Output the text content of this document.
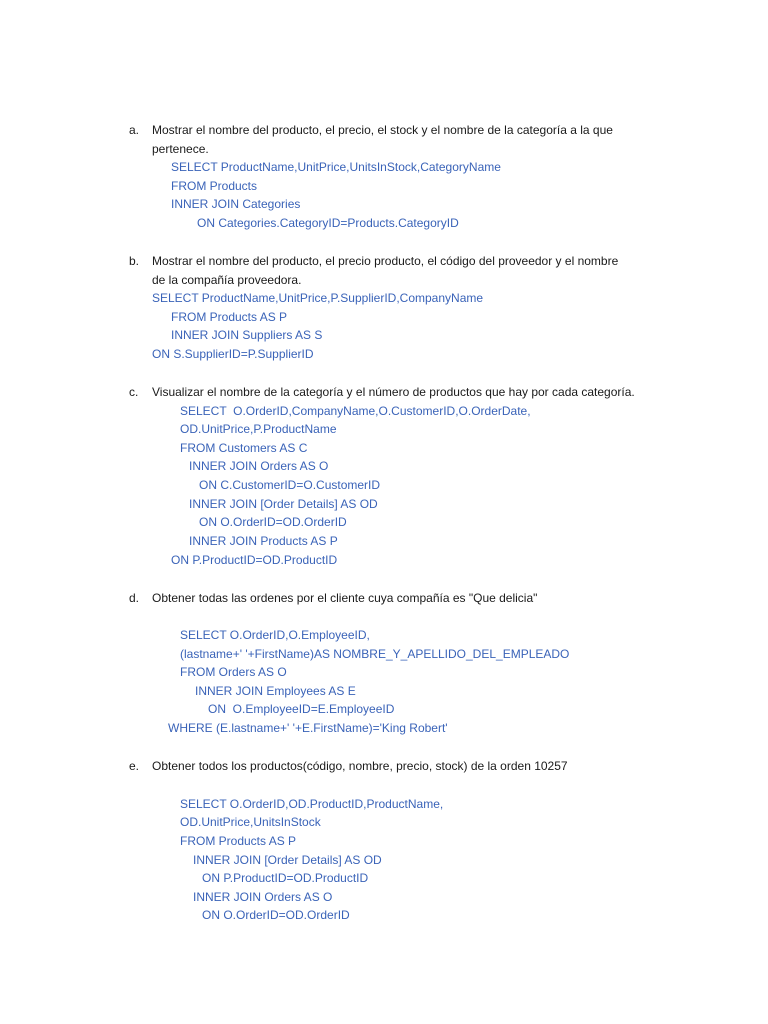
a. Mostrar el nombre del producto, el precio, el stock y el nombre de la categoría a la que
pertenece.
SELECT ProductName,UnitPrice,UnitsInStock,CategoryName
FROM Products
INNER JOIN Categories
ON Categories.CategoryID=Products.CategoryID
b. Mostrar el nombre del producto, el precio producto, el código del proveedor y el nombre
de la compañía proveedora.
SELECT ProductName,UnitPrice,P.SupplierID,CompanyName
FROM Products AS P
INNER JOIN Suppliers AS S
ON S.SupplierID=P.SupplierID
c. Visualizar el nombre de la categoría y el número de productos que hay por cada categoría.
SELECT  O.OrderID,CompanyName,O.CustomerID,O.OrderDate,
OD.UnitPrice,P.ProductName
FROM Customers AS C
INNER JOIN Orders AS O
ON C.CustomerID=O.CustomerID
INNER JOIN [Order Details] AS OD
ON O.OrderID=OD.OrderID
INNER JOIN Products AS P
ON P.ProductID=OD.ProductID
d. Obtener todas las ordenes por el cliente cuya compañía es "Que delicia"
SELECT O.OrderID,O.EmployeeID,
(lastname+' '+FirstName)AS NOMBRE_Y_APELLIDO_DEL_EMPLEADO
FROM Orders AS O
INNER JOIN Employees AS E
ON  O.EmployeeID=E.EmployeeID
WHERE (E.lastname+' '+E.FirstName)='King Robert'
e. Obtener todos los productos(código, nombre, precio, stock) de la orden 10257
SELECT O.OrderID,OD.ProductID,ProductName,
OD.UnitPrice,UnitsInStock
FROM Products AS P
INNER JOIN [Order Details] AS OD
ON P.ProductID=OD.ProductID
INNER JOIN Orders AS O
ON O.OrderID=OD.OrderID
